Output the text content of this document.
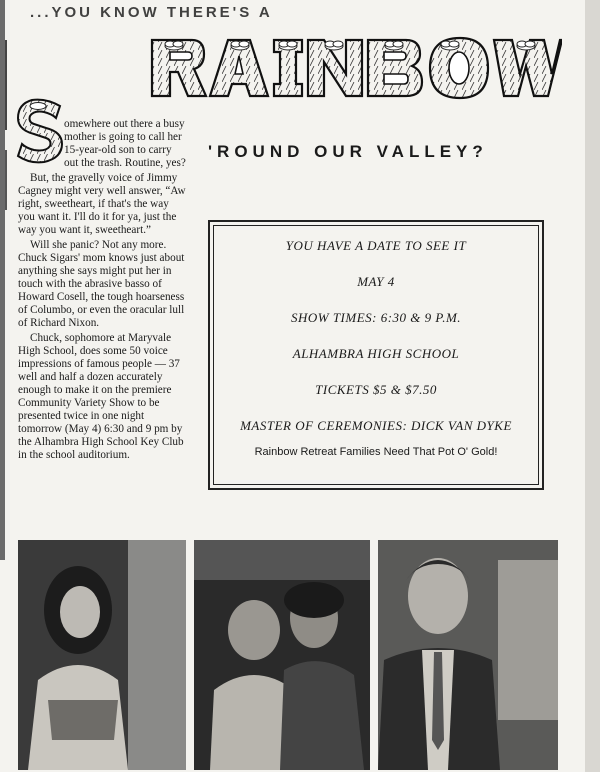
...YOU KNOW THERE'S A
'ROUND OUR VALLEY?

omewhere out there a busy mother is going to call her 15-year-old son to carry out the trash. Routine, yes?

But, the gravelly voice of Jimmy Cagney might very well answer, “Aw right, sweetheart, if that's the way you want it. I'll do it for ya, just the way you want it, sweetheart.”

Will she panic? Not any more. Chuck Sigars' mom knows just about anything she says might put her in touch with the abrasive basso of Howard Cosell, the tough hoarseness of Columbo, or even the oracular lull of Richard Nixon.

Chuck, sophomore at Maryvale High School, does some 50 voice impressions of famous people — 37 well and half a dozen accurately enough to make it on the premiere Community Variety Show to be presented twice in one night tomorrow (May 4) 6:30 and 9 pm by the Alhambra High School Key Club in the school auditorium.

YOU HAVE A DATE TO SEE IT
MAY 4
SHOW TIMES: 6:30 & 9 P.M.
ALHAMBRA HIGH SCHOOL
TICKETS $5 & $7.50
MASTER OF CEREMONIES: DICK VAN DYKE
Rainbow Retreat Families Need That Pot O' Gold!
